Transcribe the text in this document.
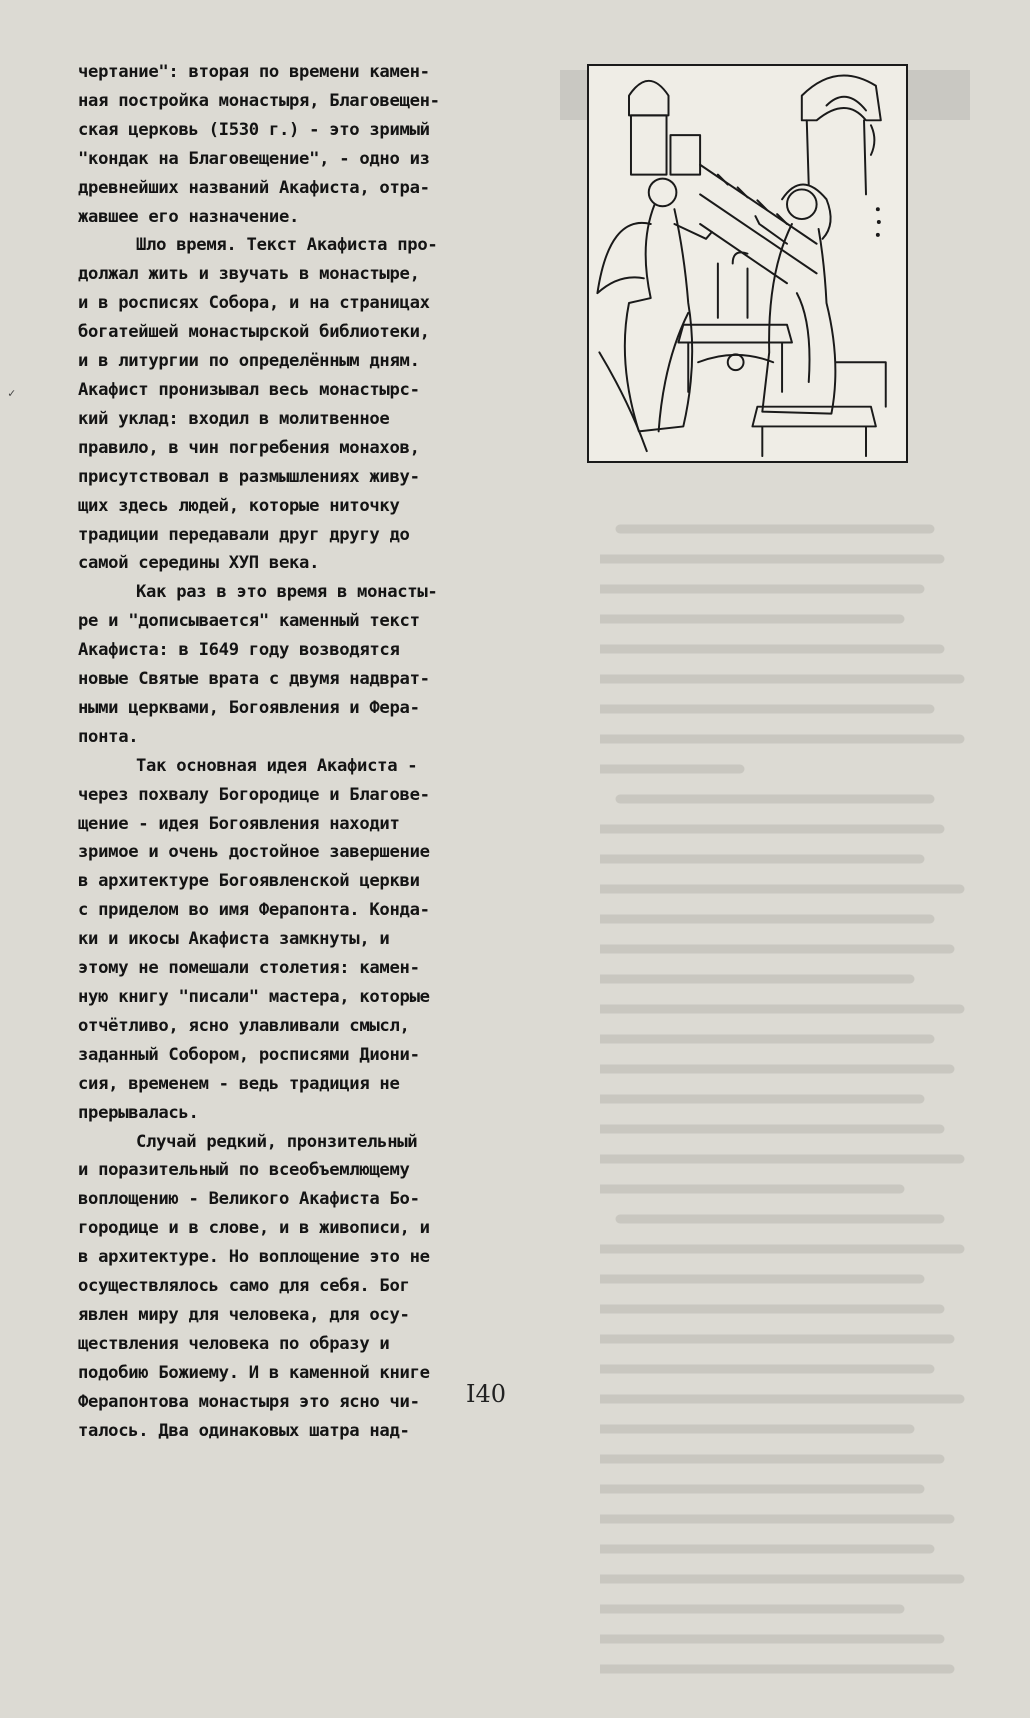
чертание": вторая по времени камен-
ная постройка монастыря, Благовещен-
ская церковь (I530 г.) - это зримый
"кондак на Благовещение", - одно из
древнейших названий Акафиста, отра-
жавшее его назначение.

Шло время. Текст Акафиста про-
должал жить и звучать в монастыре,
и в росписях Собора, и на страницах
богатейшей монастырской библиотеки,
и в литургии по определённым дням.
Акафист пронизывал весь монастырс-
кий уклад: входил в молитвенное
правило, в чин погребения монахов,
присутствовал в размышлениях живу-
щих здесь людей, которые ниточку
традиции передавали друг другу до
самой середины ХУП века.

Как раз в это время в монасты-
ре и "дописывается" каменный текст
Акафиста: в I649 году возводятся
новые Святые врата с двумя надврат-
ными церквами, Богоявления и Ферa-
понта.

Так основная идея Акафиста -
через похвалу Богородице и Благове-
щение - идея Богоявления находит
зримое и очень достойное завершение
в архитектуре Богоявленской церкви
с приделом во имя Ферапонта. Конда-
ки и икосы Акафиста замкнуты, и
этому не помешали столетия: камен-
ную книгу "писали" мастера, которые
отчётливо, ясно улавливали смысл,
заданный Собором, росписями Диони-
сия, временем - ведь традиция не
прерывалась.

Случай редкий, пронзительный
и поразительный по всеобъемлющему
воплощению - Великого Акафиста Бо-
городице и в слове, и в живописи, и
в архитектуре. Но воплощение это не
осуществлялось само для себя. Бог
явлен миру для человека, для осу-
ществления человека по образу и
подобию Божиему. И в каменной книге
Ферапонтова монастыря это ясно чи-
талось. Два одинаковых шатра над-

✓
I40
